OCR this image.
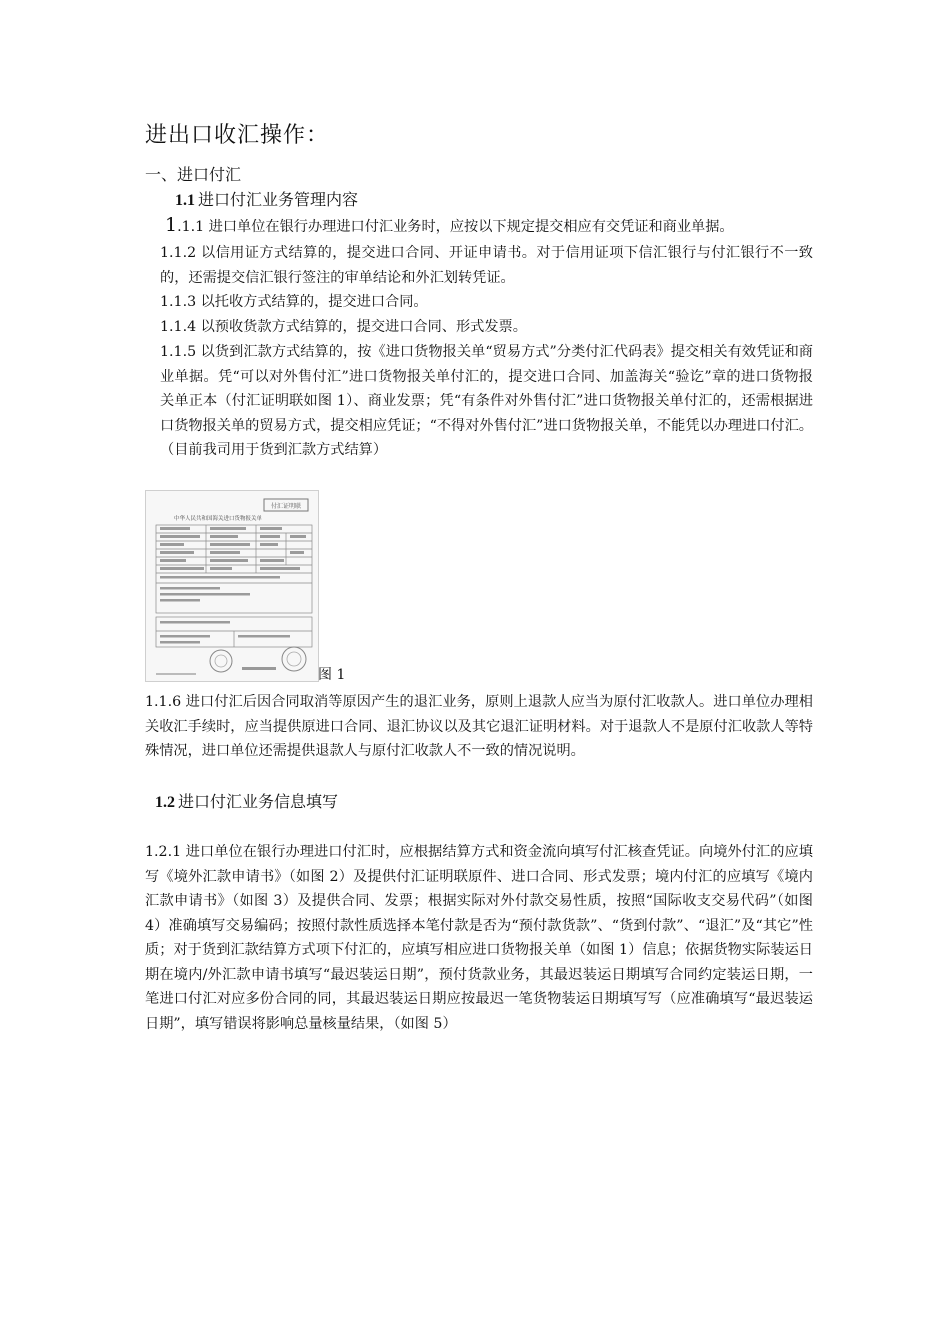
进出口收汇操作：
一、进口付汇
1.1 进口付汇业务管理内容
1.1.1 进口单位在银行办理进口付汇业务时，应按以下规定提交相应有交凭证和商业单据。
1.1.2 以信用证方式结算的，提交进口合同、开证申请书。对于信用证项下信汇银行与付汇银行不一致的，还需提交信汇银行签注的审单结论和外汇划转凭证。
1.1.3 以托收方式结算的，提交进口合同。
1.1.4 以预收货款方式结算的，提交进口合同、形式发票。
1.1.5 以货到汇款方式结算的，按《进口货物报关单“贸易方式”分类付汇代码表》提交相关有效凭证和商业单据。凭“可以对外售付汇”进口货物报关单付汇的，提交进口合同、加盖海关“验讫”章的进口货物报关单正本（付汇证明联如图 1）、商业发票；凭“有条件对外售付汇”进口货物报关单付汇的，还需根据进口货物报关单的贸易方式，提交相应凭证；“不得对外售付汇”进口货物报关单，不能凭以办理进口付汇。（目前我司用于货到汇款方式结算）
付汇证明联
中华人民共和国海关进口货物报关单
图 1
1.1.6 进口付汇后因合同取消等原因产生的退汇业务，原则上退款人应当为原付汇收款人。进口单位办理相关收汇手续时，应当提供原进口合同、退汇协议以及其它退汇证明材料。对于退款人不是原付汇收款人等特殊情况，进口单位还需提供退款人与原付汇收款人不一致的情况说明。
1.2 进口付汇业务信息填写
1.2.1 进口单位在银行办理进口付汇时，应根据结算方式和资金流向填写付汇核查凭证。向境外付汇的应填写《境外汇款申请书》（如图 2）及提供付汇证明联原件、进口合同、形式发票；境内付汇的应填写《境内汇款申请书》（如图 3）及提供合同、发票；根据实际对外付款交易性质，按照“国际收支交易代码”（如图 4）准确填写交易编码；按照付款性质选择本笔付款是否为“预付款货款”、“货到付款”、“退汇”及“其它”性质；对于货到汇款结算方式项下付汇的，应填写相应进口货物报关单（如图 1）信息；依据货物实际装运日期在境内/外汇款申请书填写“最迟装运日期”，预付货款业务，其最迟装运日期填写合同约定装运日期，一笔进口付汇对应多份合同的同，其最迟装运日期应按最迟一笔货物装运日期填写写（应准确填写“最迟装运日期”，填写错误将影响总量核量结果，（如图 5）
